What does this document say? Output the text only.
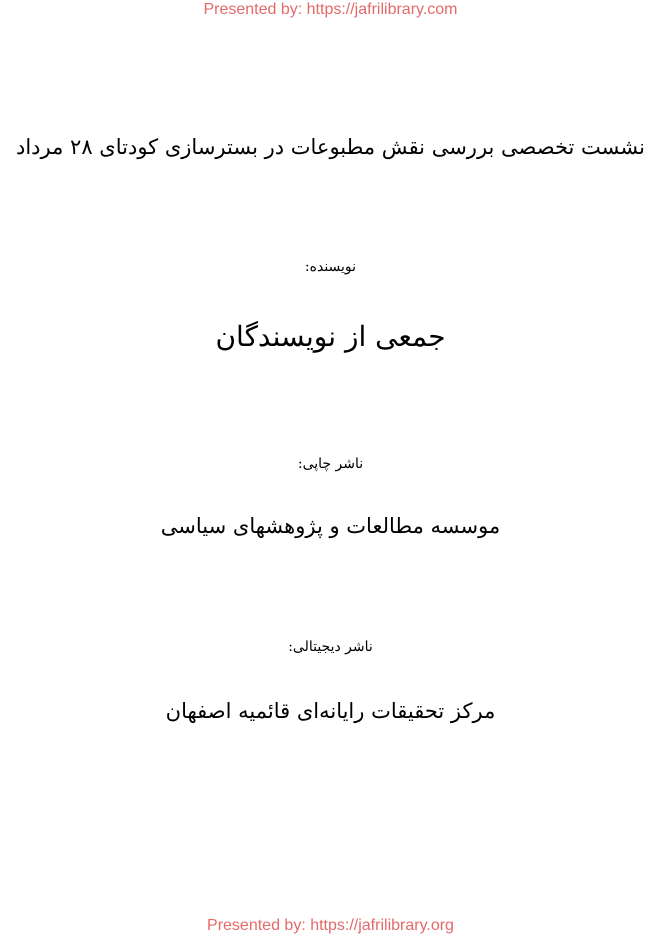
Presented by: https://jafrilibrary.com
نشست تخصصی بررسی نقش مطبوعات در بسترسازی کودتای ۲۸ مرداد
نویسنده:
جمعی از نویسندگان
ناشر چاپی:
موسسه مطالعات و پژوهشهای سیاسی
ناشر دیجیتالی:
مرکز تحقیقات رایانه‌ای قائمیه اصفهان
Presented by: https://jafrilibrary.org
